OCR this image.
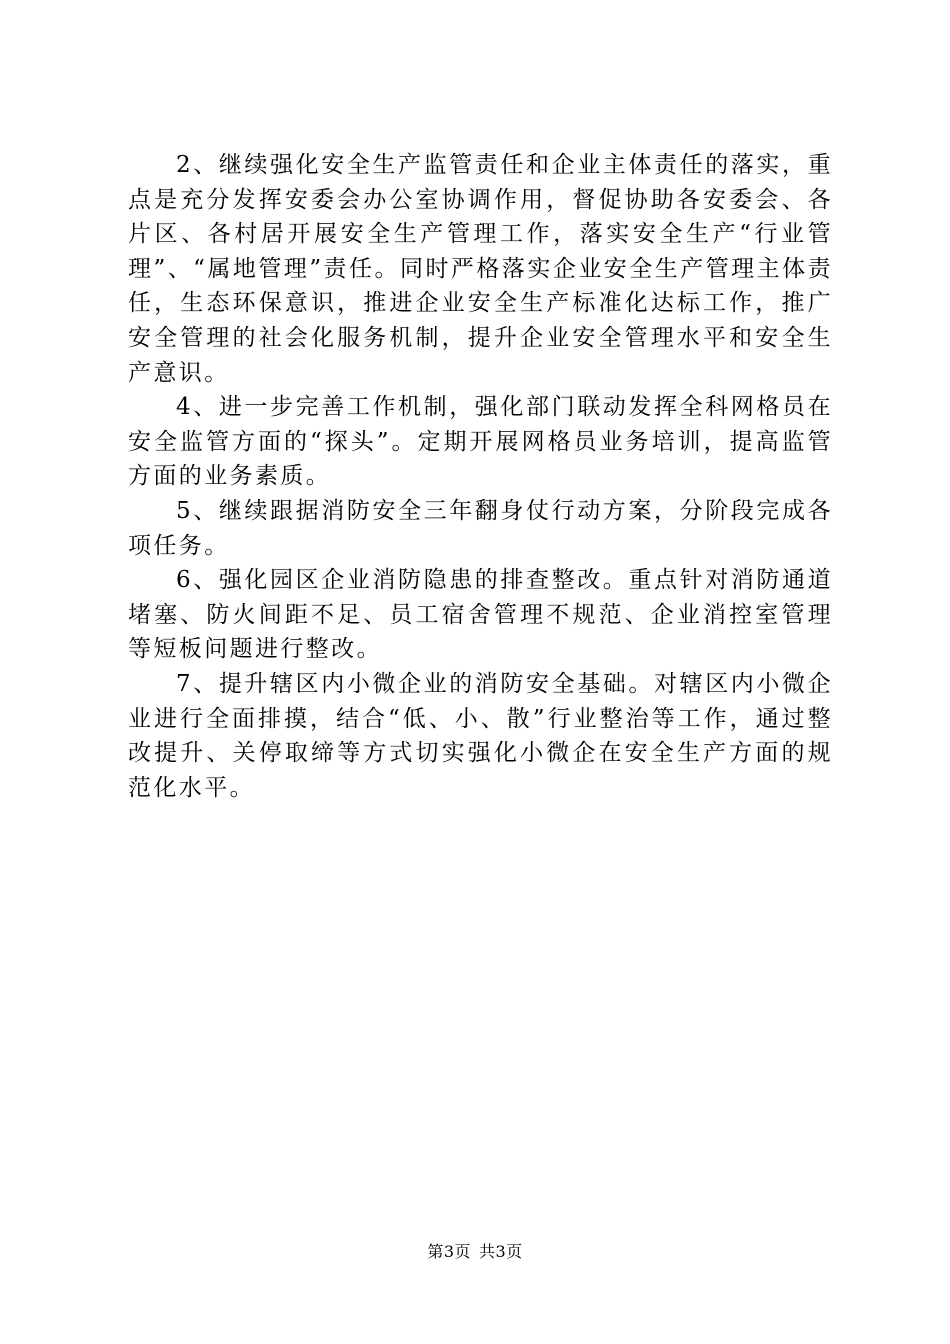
2、继续强化安全生产监管责任和企业主体责任的落实，重点是充分发挥安委会办公室协调作用，督促协助各安委会、各片区、各村居开展安全生产管理工作，落实安全生产“行业管理”、“属地管理”责任。同时严格落实企业安全生产管理主体责任，生态环保意识，推进企业安全生产标准化达标工作，推广安全管理的社会化服务机制，提升企业安全管理水平和安全生产意识。

4、进一步完善工作机制，强化部门联动发挥全科网格员在安全监管方面的“探头”。定期开展网格员业务培训，提高监管方面的业务素质。

5、继续跟据消防安全三年翻身仗行动方案，分阶段完成各项任务。

6、强化园区企业消防隐患的排查整改。重点针对消防通道堵塞、防火间距不足、员工宿舍管理不规范、企业消控室管理等短板问题进行整改。

7、提升辖区内小微企业的消防安全基础。对辖区内小微企业进行全面排摸，结合“低、小、散”行业整治等工作，通过整改提升、关停取缔等方式切实强化小微企在安全生产方面的规范化水平。

第3页 共3页
